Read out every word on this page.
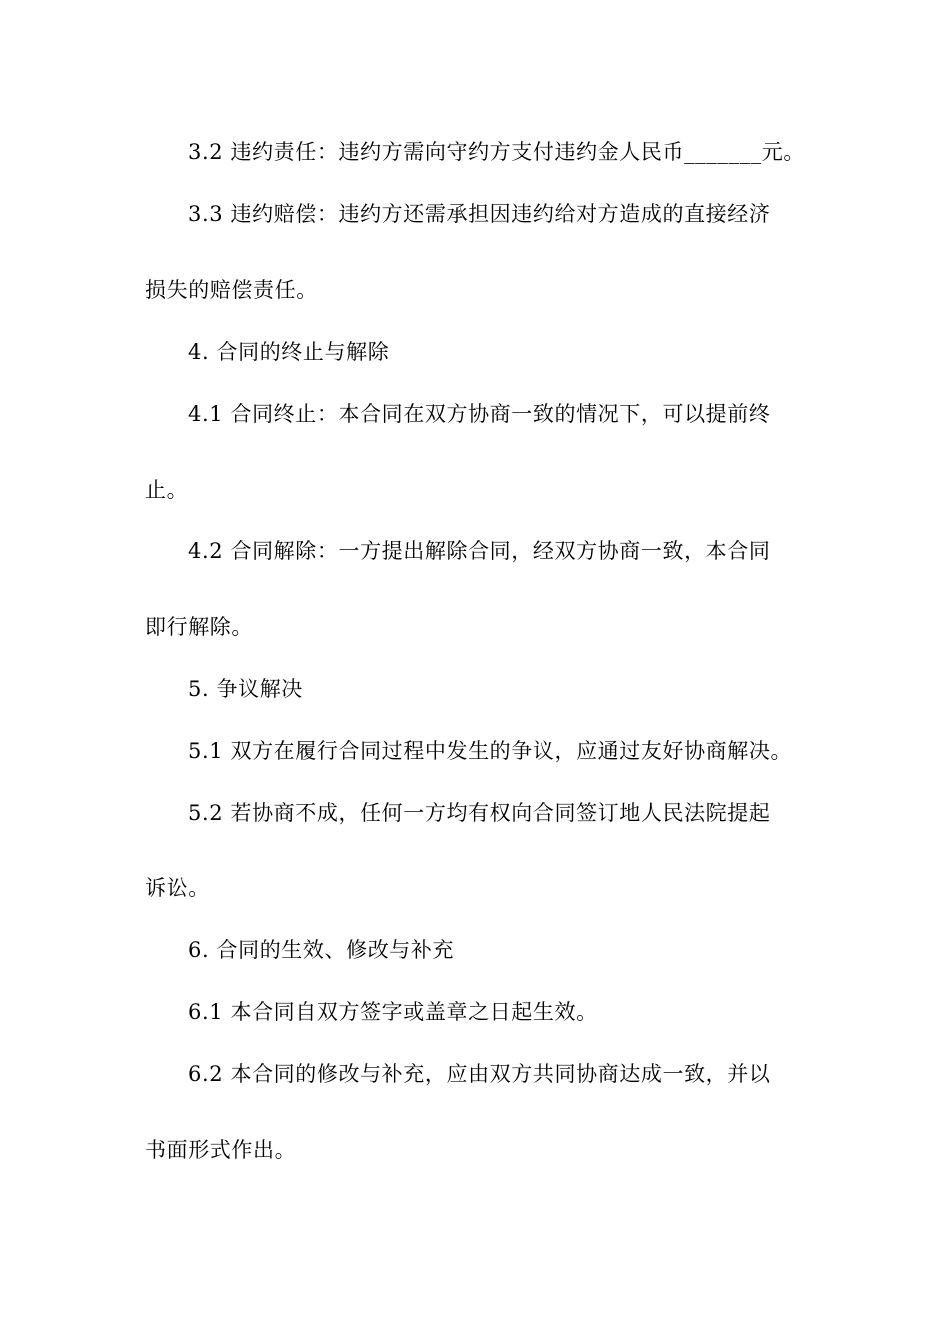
3.2 违约责任：违约方需向守约方支付违约金人民币_______元。
3.3 违约赔偿：违约方还需承担因违约给对方造成的直接经济
损失的赔偿责任。
4. 合同的终止与解除
4.1 合同终止：本合同在双方协商一致的情况下，可以提前终
止。
4.2 合同解除：一方提出解除合同，经双方协商一致，本合同
即行解除。
5. 争议解决
5.1 双方在履行合同过程中发生的争议，应通过友好协商解决。
5.2 若协商不成，任何一方均有权向合同签订地人民法院提起
诉讼。
6. 合同的生效、修改与补充
6.1 本合同自双方签字或盖章之日起生效。
6.2 本合同的修改与补充，应由双方共同协商达成一致，并以
书面形式作出。
